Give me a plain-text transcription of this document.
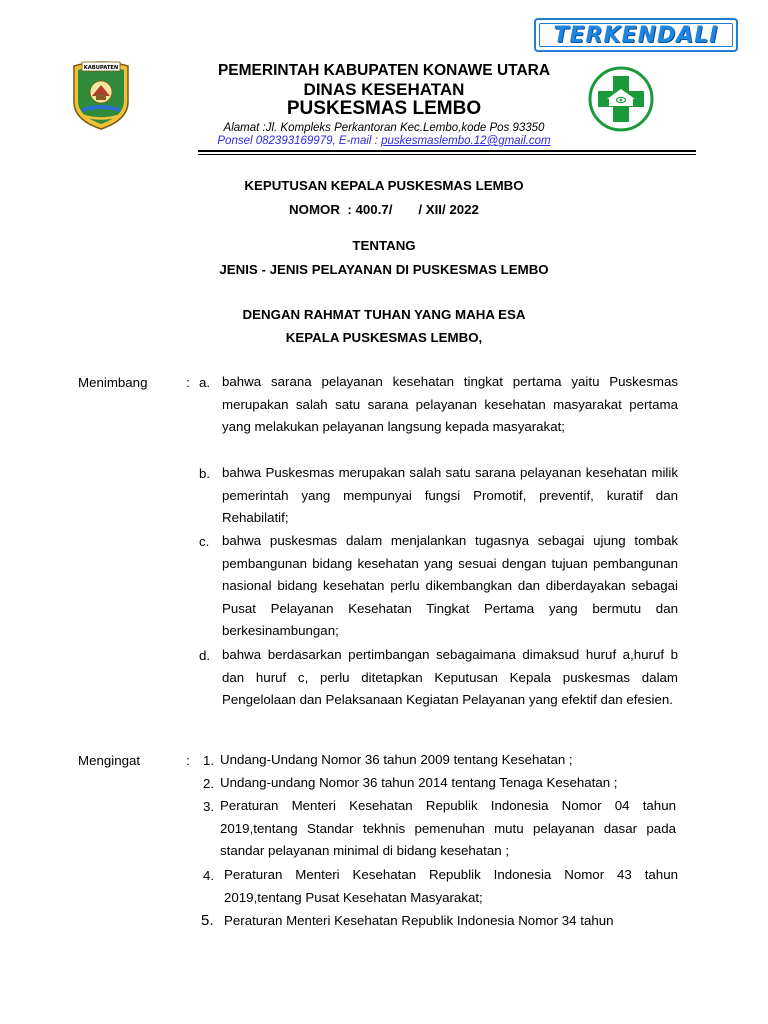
TERKENDALI
KABUPATEN	PEMERINTAH KABUPATEN KONAWE UTARA
DINAS KESEHATAN
PUSKESMAS LEMBO
Alamat :Jl. Kompleks Perkantoran Kec.Lembo,kode Pos 93350
Ponsel 082393169979, E-mail : puskesmaslembo.12@gmail.com
KEPUTUSAN KEPALA PUSKESMAS LEMBO
NOMOR  : 400.7/       / XII/ 2022
TENTANG
JENIS - JENIS PELAYANAN DI PUSKESMAS LEMBO
DENGAN RAHMAT TUHAN YANG MAHA ESA
KEPALA PUSKESMAS LEMBO,
Menimbang	: a. bahwa sarana pelayanan kesehatan tingkat pertama yaitu Puskesmas merupakan salah satu sarana pelayanan kesehatan masyarakat pertama yang melakukan pelayanan langsung kepada masyarakat;

b. bahwa Puskesmas merupakan salah satu sarana pelayanan kesehatan milik pemerintah yang mempunyai fungsi Promotif, preventif, kuratif dan Rehabilatif;

c. bahwa puskesmas dalam menjalankan tugasnya sebagai ujung tombak pembangunan bidang kesehatan yang sesuai dengan tujuan pembangunan nasional bidang kesehatan perlu dikembangkan dan diberdayakan sebagai Pusat Pelayanan Kesehatan Tingkat Pertama yang bermutu dan berkesinambungan;

d. bahwa berdasarkan pertimbangan sebagaimana dimaksud huruf a,huruf b dan huruf c, perlu ditetapkan Keputusan Kepala puskesmas dalam Pengelolaan dan Pelaksanaan Kegiatan Pelayanan yang efektif dan efesien.

Mengingat	: 1. Undang-Undang Nomor 36 tahun 2009 tentang Kesehatan ;

2. Undang-undang Nomor 36 tahun 2014 tentang Tenaga Kesehatan ;

3. Peraturan Menteri Kesehatan Republik Indonesia Nomor 04 tahun 2019,tentang Standar tekhnis pemenuhan mutu pelayanan dasar pada standar pelayanan minimal di bidang kesehatan ;

4. Peraturan Menteri Kesehatan Republik Indonesia Nomor 43 tahun 2019,tentang Pusat Kesehatan Masyarakat;

5. Peraturan Menteri Kesehatan Republik Indonesia Nomor 34 tahun
